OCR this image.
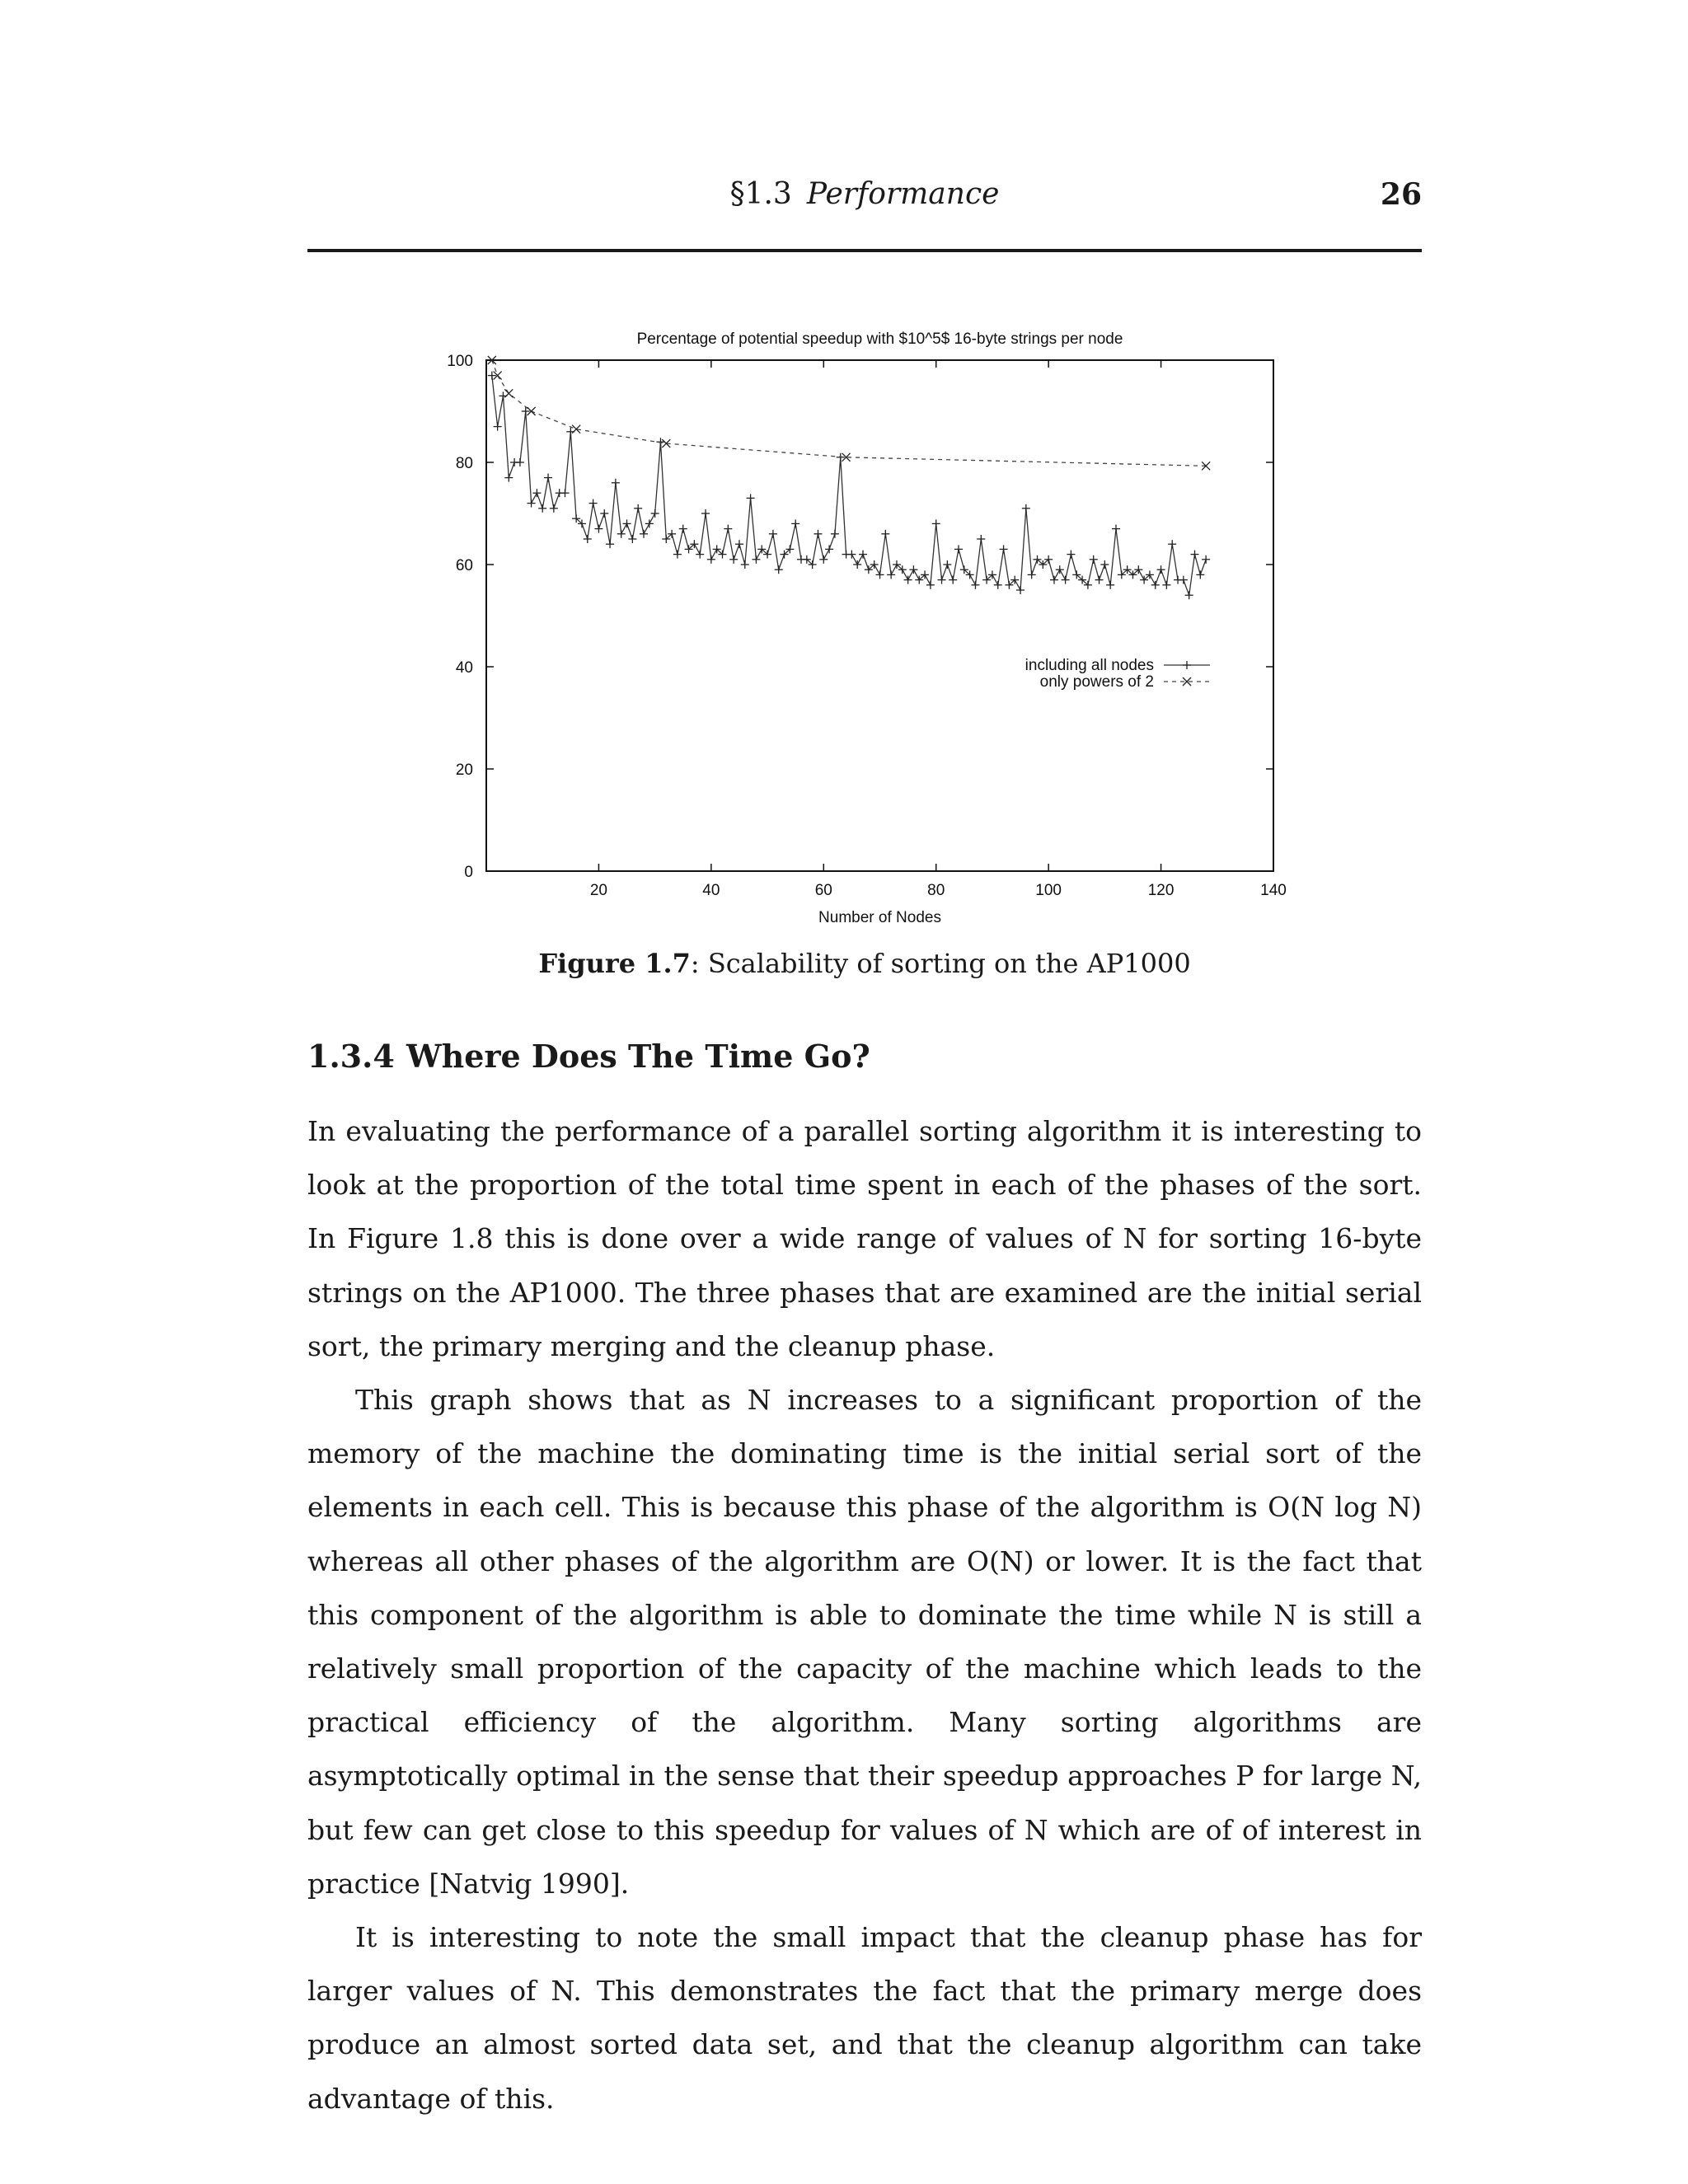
§1.3 Performance	26
0
20
40
60
80
100
20	40	60	80	100	120	140
Percentage of potential speedup with $10^5$ 16-byte strings per node
Number of Nodes
including all nodes
only powers of 2
Figure 1.7: Scalability of sorting on the AP1000
1.3.4 Where Does The Time Go?

In evaluating the performance of a parallel sorting algorithm it is interesting to look at the proportion of the total time spent in each of the phases of the sort. In Figure 1.8 this is done over a wide range of values of N for sorting 16-byte strings on the AP1000. The three phases that are examined are the initial serial sort, the primary merging and the cleanup phase.

This graph shows that as N increases to a significant proportion of the memory of the machine the dominating time is the initial serial sort of the elements in each cell. This is because this phase of the algorithm is O(N log N) whereas all other phases of the algorithm are O(N) or lower. It is the fact that this component of the algorithm is able to dominate the time while N is still a relatively small proportion of the capacity of the machine which leads to the practical efficiency of the algorithm. Many sorting algorithms are asymptotically optimal in the sense that their speedup approaches P for large N, but few can get close to this speedup for values of N which are of of interest in practice [Natvig 1990].

It is interesting to note the small impact that the cleanup phase has for larger values of N. This demonstrates the fact that the primary merge does produce an almost sorted data set, and that the cleanup algorithm can take advantage of this.
